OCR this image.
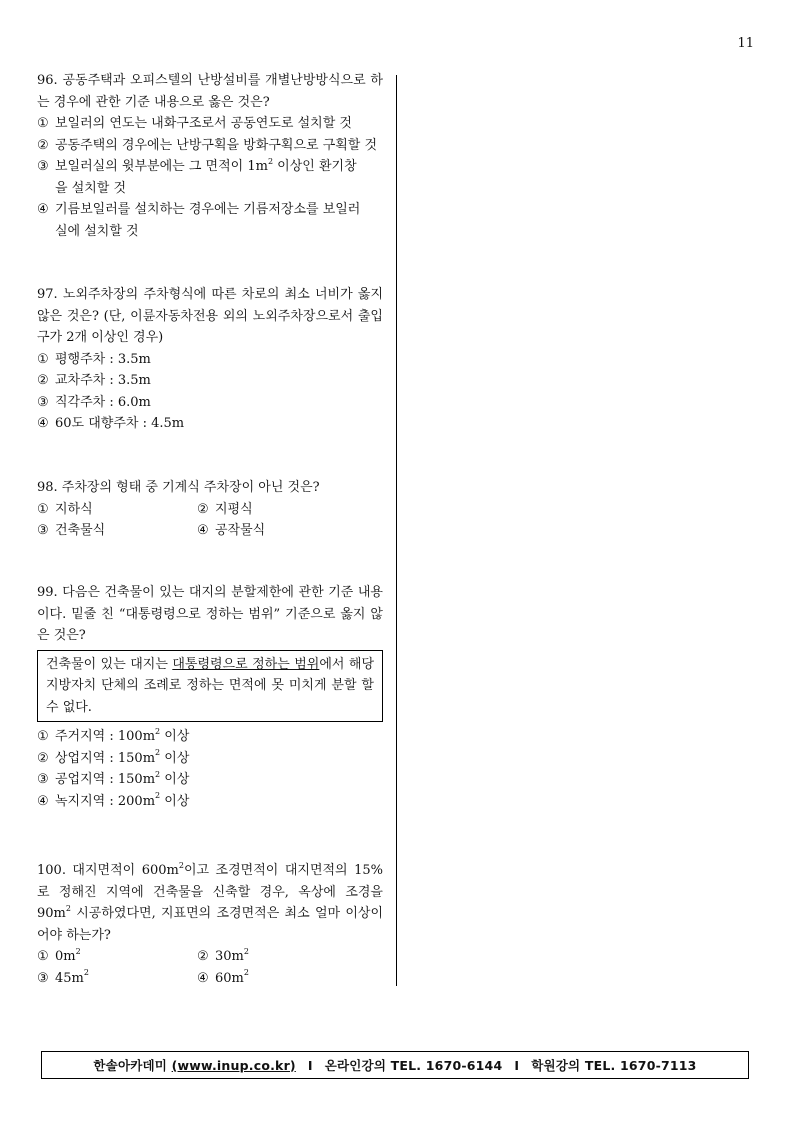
11
96. 공동주택과 오피스텔의 난방설비를 개별난방방식으로 하는 경우에 관한 기준 내용으로 옳은 것은?
① 보일러의 연도는 내화구조로서 공동연도로 설치할 것
② 공동주택의 경우에는 난방구획을 방화구획으로 구획할 것
③ 보일러실의 윗부분에는 그 면적이 $1m^2$ 이상인 환기창
을 설치할 것
④ 기름보일러를 설치하는 경우에는 기름저장소를 보일러
실에 설치할 것
97. 노외주차장의 주차형식에 따른 차로의 최소 너비가 옳지 않은 것은? (단, 이륜자동차전용 외의 노외주차장으로서 출입구가 2개 이상인 경우)
① 평행주차 : 3.5m
② 교차주차 : 3.5m
③ 직각주차 : 6.0m
④ 60도 대향주차 : 4.5m
98. 주차장의 형태 중 기계식 주차장이 아닌 것은?
① 지하식	② 지평식
③ 건축물식	④ 공작물식
99. 다음은 건축물이 있는 대지의 분할제한에 관한 기준 내용이다. 밑줄 친 “대통령령으로 정하는 범위” 기준으로 옳지 않은 것은?
건축물이 있는 대지는 대통령령으로 정하는 범위에서 해당 지방자치 단체의 조례로 정하는 면적에 못 미치게 분할 할 수 없다.
① 주거지역 : $100m^2$ 이상
② 상업지역 : $150m^2$ 이상
③ 공업지역 : $150m^2$ 이상
④ 녹지지역 : $200m^2$ 이상
100. 대지면적이 $600m^2$이고 조경면적이 대지면적의 15%로 정해진 지역에 건축물을 신축할 경우, 옥상에 조경을 $90m^2$ 시공하였다면, 지표면의 조경면적은 최소 얼마 이상이어야 하는가?
① $0m^2$	② $30m^2$
③ $45m^2$	④ $60m^2$
한솔아카데미
(www.inup.co.kr) I 온라인강의 TEL. 1670-6144 I 학원강의 TEL. 1670-7113
